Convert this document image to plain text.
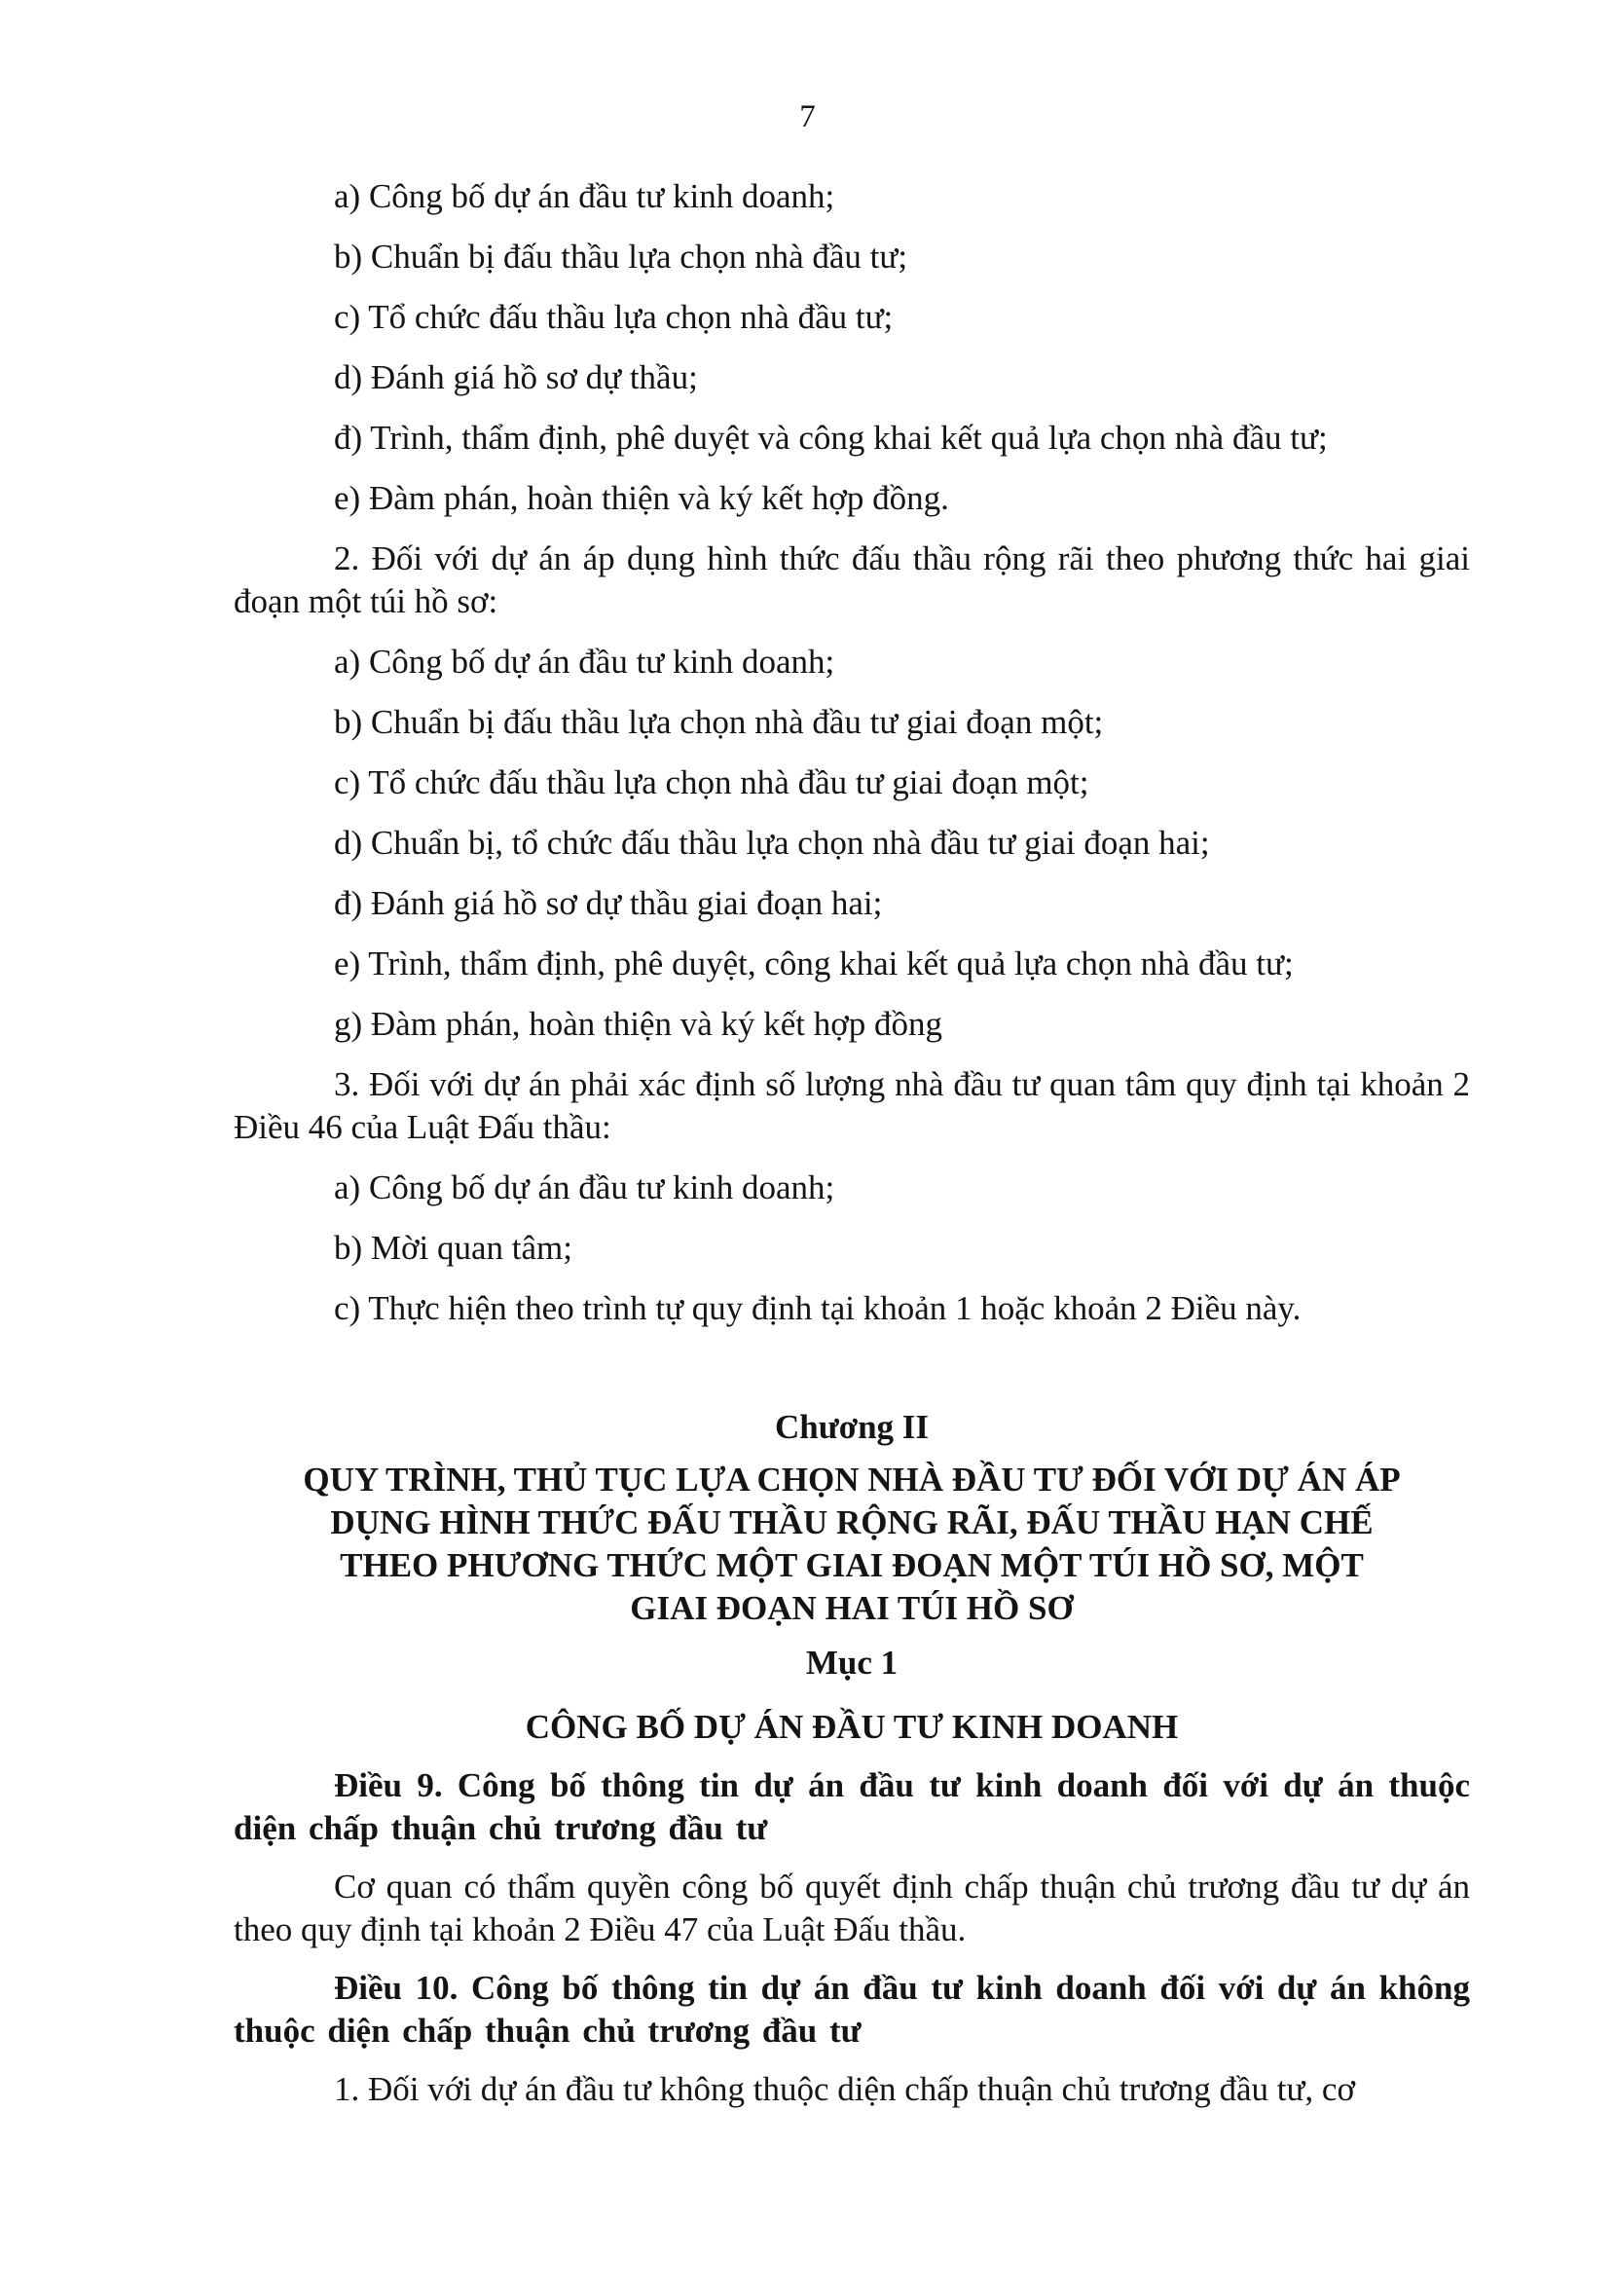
7

a) Công bố dự án đầu tư kinh doanh;

b) Chuẩn bị đấu thầu lựa chọn nhà đầu tư;

c) Tổ chức đấu thầu lựa chọn nhà đầu tư;

d) Đánh giá hồ sơ dự thầu;

đ) Trình, thẩm định, phê duyệt và công khai kết quả lựa chọn nhà đầu tư;

e) Đàm phán, hoàn thiện và ký kết hợp đồng.

2. Đối với dự án áp dụng hình thức đấu thầu rộng rãi theo phương thức hai giai đoạn một túi hồ sơ:

a) Công bố dự án đầu tư kinh doanh;

b) Chuẩn bị đấu thầu lựa chọn nhà đầu tư giai đoạn một;

c) Tổ chức đấu thầu lựa chọn nhà đầu tư giai đoạn một;

d) Chuẩn bị, tổ chức đấu thầu lựa chọn nhà đầu tư giai đoạn hai;

đ) Đánh giá hồ sơ dự thầu giai đoạn hai;

e) Trình, thẩm định, phê duyệt, công khai kết quả lựa chọn nhà đầu tư;

g) Đàm phán, hoàn thiện và ký kết hợp đồng

3. Đối với dự án phải xác định số lượng nhà đầu tư quan tâm quy định tại khoản 2 Điều 46 của Luật Đấu thầu:

a) Công bố dự án đầu tư kinh doanh;

b) Mời quan tâm;

c) Thực hiện theo trình tự quy định tại khoản 1 hoặc khoản 2 Điều này.

Chương II

QUY TRÌNH, THỦ TỤC LỰA CHỌN NHÀ ĐẦU TƯ ĐỐI VỚI DỰ ÁN ÁP

DỤNG HÌNH THỨC ĐẤU THẦU RỘNG RÃI, ĐẤU THẦU HẠN CHẾ

THEO PHƯƠNG THỨC MỘT GIAI ĐOẠN MỘT TÚI HỒ SƠ, MỘT

GIAI ĐOẠN HAI TÚI HỒ SƠ

Mục 1

CÔNG BỐ DỰ ÁN ĐẦU TƯ KINH DOANH

Điều 9. Công bố thông tin dự án đầu tư kinh doanh đối với dự án thuộc diện chấp thuận chủ trương đầu tư

Cơ quan có thẩm quyền công bố quyết định chấp thuận chủ trương đầu tư dự án theo quy định tại khoản 2 Điều 47 của Luật Đấu thầu.

Điều 10. Công bố thông tin dự án đầu tư kinh doanh đối với dự án không thuộc diện chấp thuận chủ trương đầu tư

1. Đối với dự án đầu tư không thuộc diện chấp thuận chủ trương đầu tư, cơ
